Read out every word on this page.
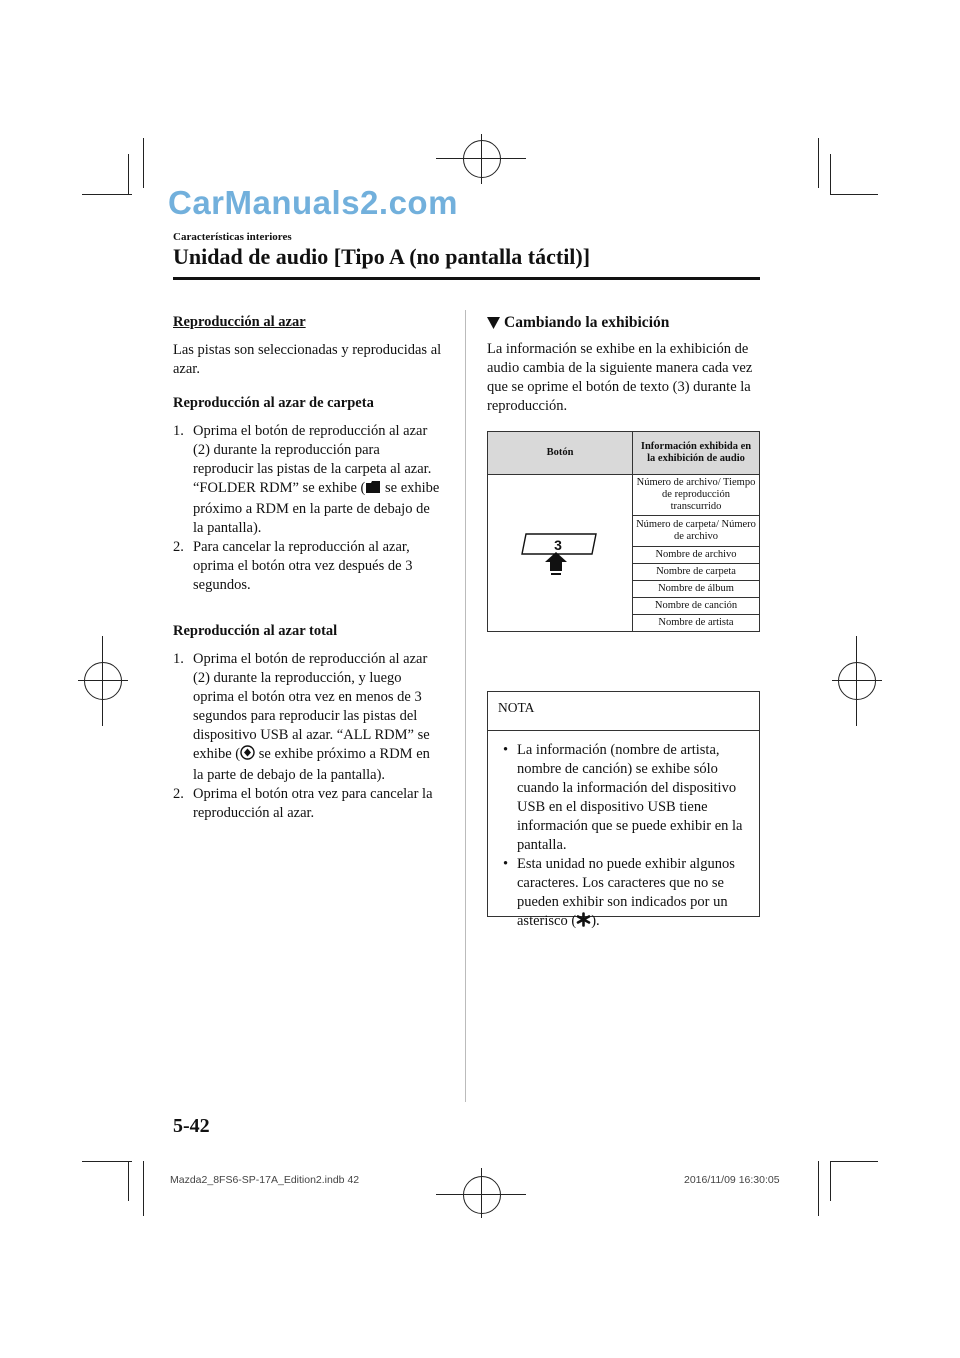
CarManuals2.com
Características interiores
Unidad de audio [Tipo A (no pantalla táctil)]
Reproducción al azar

Las pistas son seleccionadas y reproducidas al azar.

Reproducción al azar de carpeta
1. Oprima el botón de reproducción al azar (2) durante la reproducción para reproducir las pistas de la carpeta al azar. “FOLDER RDM” se exhibe ( se exhibe próximo a RDM en la parte de debajo de la pantalla).
2. Para cancelar la reproducción al azar, oprima el botón otra vez después de 3 segundos.
Reproducción al azar total
1. Oprima el botón de reproducción al azar (2) durante la reproducción, y luego oprima el botón otra vez en menos de 3 segundos para reproducir las pistas del dispositivo USB al azar. “ALL RDM” se exhibe ( se exhibe próximo a RDM en la parte de debajo de la pantalla).
2. Oprima el botón otra vez para cancelar la reproducción al azar.
Cambiando la exhibición

La información se exhibe en la exhibición de audio cambia de la siguiente manera cada vez que se oprime el botón de texto (3) durante la reproducción.

Botón	Información exhibida en la exhibición de audio

3	Número de archivo/ Tiempo de reproducción transcurrido
	Número de carpeta/ Número de archivo
	Nombre de archivo
	Nombre de carpeta
	Nombre de álbum
	Nombre de canción
	Nombre de artista
NOTA
• La información (nombre de artista, nombre de canción) se exhibe sólo cuando la información del dispositivo USB en el dispositivo USB tiene información que se puede exhibir en la pantalla.
• Esta unidad no puede exhibir algunos caracteres. Los caracteres que no se pueden exhibir son indicados por un asterisco ( ).
5-42
Mazda2_8FS6-SP-17A_Edition2.indb 42	2016/11/09 16:30:05
